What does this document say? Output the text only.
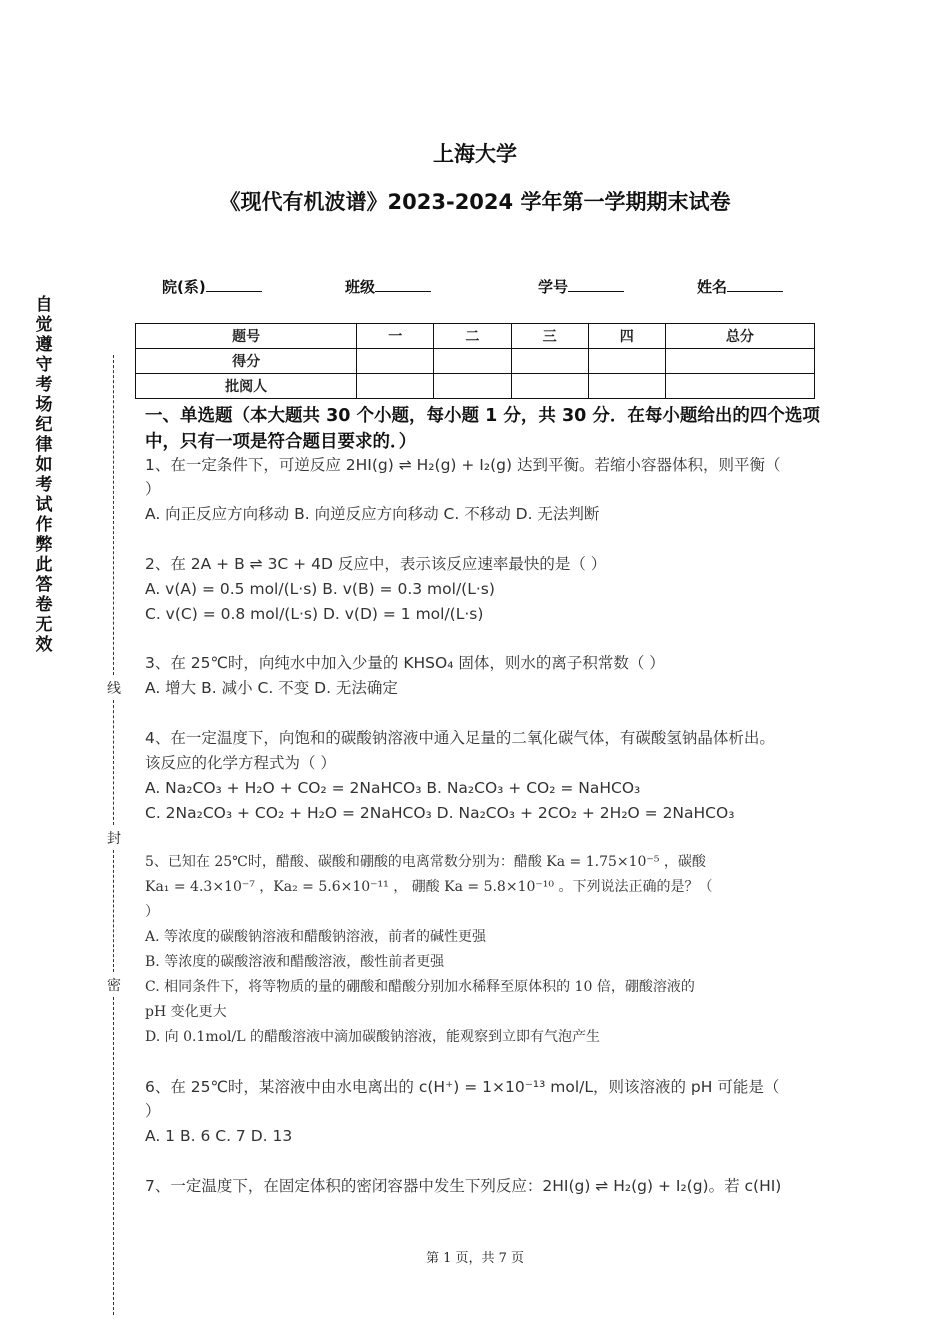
上海大学
《现代有机波谱》2023-2024 学年第一学期期末试卷
院(系)	班级	学号	姓名
题号	一	二	三	四	总分
得分					
批阅人					
自觉遵守考场纪律如考试作弊此答卷无效
线
封
密
一、单选题（本大题共 30 个小题，每小题 1 分，共 30 分．在每小题给出的四个选项中，只有一项是符合题目要求的．）
1、在一定条件下，可逆反应 2HI(g) ⇌ H₂(g) + I₂(g) 达到平衡。若缩小容器体积，则平衡（
）
A. 向正反应方向移动 B. 向逆反应方向移动 C. 不移动 D. 无法判断
2、在 2A + B ⇌ 3C + 4D 反应中，表示该反应速率最快的是（ ）
A. v(A) = 0.5 mol/(L·s) B. v(B) = 0.3 mol/(L·s)
C. v(C) = 0.8 mol/(L·s) D. v(D) = 1 mol/(L·s)
3、在 25℃时，向纯水中加入少量的 KHSO₄ 固体，则水的离子积常数（ ）
A. 增大 B. 减小 C. 不变 D. 无法确定
4、在一定温度下，向饱和的碳酸钠溶液中通入足量的二氧化碳气体，有碳酸氢钠晶体析出。
该反应的化学方程式为（ ）
A. Na₂CO₃ + H₂O + CO₂ = 2NaHCO₃ B. Na₂CO₃ + CO₂ = NaHCO₃
C. 2Na₂CO₃ + CO₂ + H₂O = 2NaHCO₃ D. Na₂CO₃ + 2CO₂ + 2H₂O = 2NaHCO₃
5、已知在 25℃时，醋酸、碳酸和硼酸的电离常数分别为：醋酸 Ka = 1.75×10⁻⁵ ，碳酸
Ka₁ = 4.3×10⁻⁷ ，Ka₂ = 5.6×10⁻¹¹ ， 硼酸 Ka = 5.8×10⁻¹⁰ 。下列说法正确的是？（
）
A. 等浓度的碳酸钠溶液和醋酸钠溶液，前者的碱性更强
B. 等浓度的碳酸溶液和醋酸溶液，酸性前者更强
C. 相同条件下，将等物质的量的硼酸和醋酸分别加水稀释至原体积的 10 倍，硼酸溶液的
pH 变化更大
D. 向 0.1mol/L 的醋酸溶液中滴加碳酸钠溶液，能观察到立即有气泡产生
6、在 25℃时，某溶液中由水电离出的 c(H⁺) = 1×10⁻¹³ mol/L，则该溶液的 pH 可能是（
）
A. 1 B. 6 C. 7 D. 13
7、一定温度下，在固定体积的密闭容器中发生下列反应：2HI(g) ⇌ H₂(g) + I₂(g)。若 c(HI)
第 1 页，共 7 页
